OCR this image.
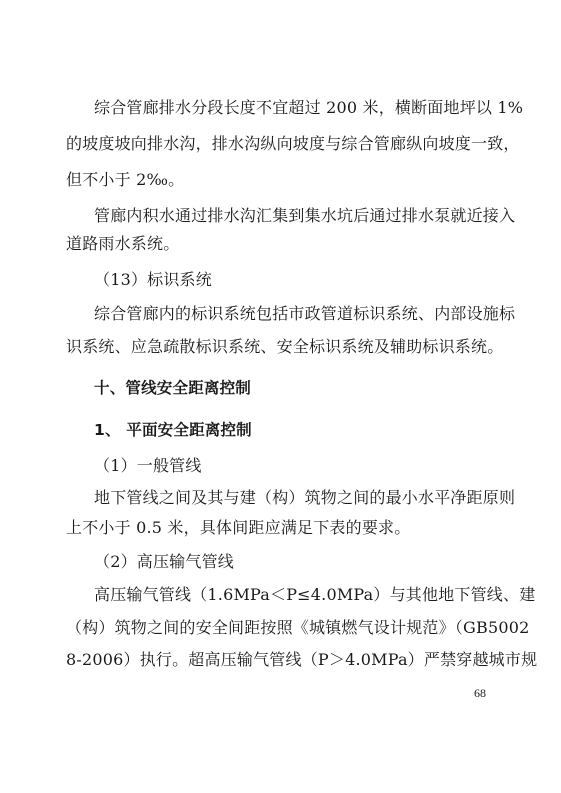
综合管廊排水分段长度不宜超过 200 米，横断面地坪以 1%
的坡度坡向排水沟，排水沟纵向坡度与综合管廊纵向坡度一致，
但不小于 2‰。
管廊内积水通过排水沟汇集到集水坑后通过排水泵就近接入
道路雨水系统。
（13）标识系统
综合管廊内的标识系统包括市政管道标识系统、内部设施标
识系统、应急疏散标识系统、安全标识系统及辅助标识系统。
十、管线安全距离控制
1、 平面安全距离控制
（1）一般管线
地下管线之间及其与建（构）筑物之间的最小水平净距原则
上不小于 0.5 米，具体间距应满足下表的要求。
（2）高压输气管线
高压输气管线（1.6MPa＜P≤4.0MPa）与其他地下管线、建
（构）筑物之间的安全间距按照《城镇燃气设计规范》（GB5002
8-2006）执行。超高压输气管线（P＞4.0MPa）严禁穿越城市规
68
